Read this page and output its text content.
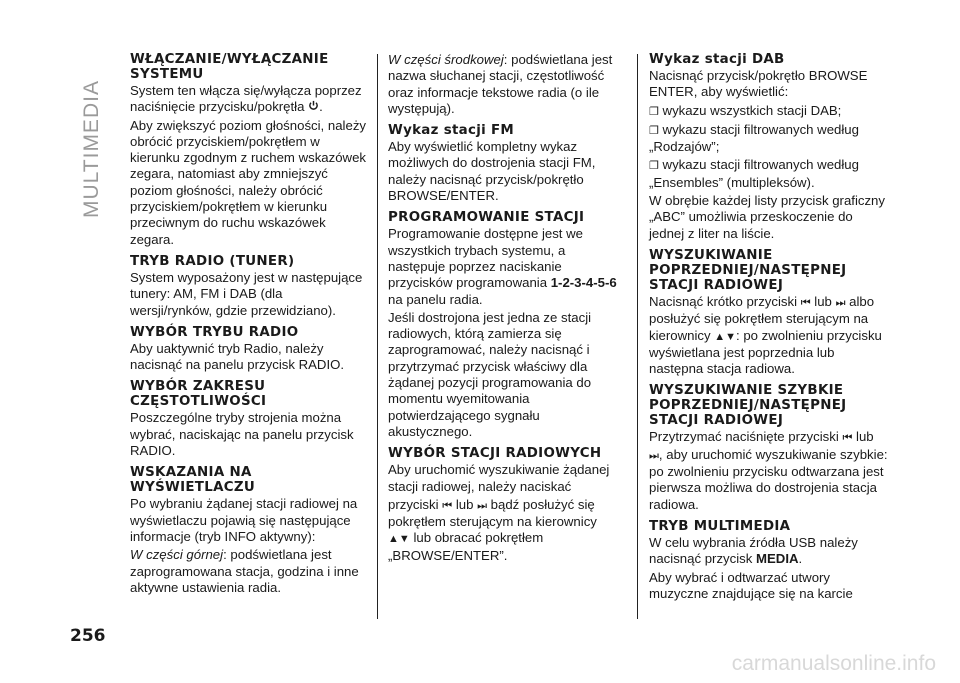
MULTIMEDIA
256
WŁĄCZANIE/WYŁĄCZANIE SYSTEMU

System ten włącza się/wyłącza poprzez naciśnięcie przycisku/pokrętła .

Aby zwiększyć poziom głośności, należy obrócić przyciskiem/pokrętłem w kierunku zgodnym z ruchem wskazówek zegara, natomiast aby zmniejszyć poziom głośności, należy obrócić przyciskiem/pokrętłem w kierunku przeciwnym do ruchu wskazówek zegara.

TRYB RADIO (TUNER)

System wyposażony jest w następujące tunery: AM, FM i DAB (dla wersji/rynków, gdzie przewidziano).

WYBÓR TRYBU RADIO

Aby uaktywnić tryb Radio, należy nacisnąć na panelu przycisk RADIO.

WYBÓR ZAKRESU CZĘSTOTLIWOŚCI

Poszczególne tryby strojenia można wybrać, naciskając na panelu przycisk RADIO.

WSKAZANIA NA WYŚWIETLACZU

Po wybraniu żądanej stacji radiowej na wyświetlaczu pojawią się następujące informacje (tryb INFO aktywny):

W części górnej: podświetlana jest zaprogramowana stacja, godzina i inne aktywne ustawienia radia.

W części środkowej: podświetlana jest nazwa słuchanej stacji, częstotliwość oraz informacje tekstowe radia (o ile występują).

Wykaz stacji FM

Aby wyświetlić kompletny wykaz możliwych do dostrojenia stacji FM, należy nacisnąć przycisk/pokrętło BROWSE/ENTER.

PROGRAMOWANIE STACJI

Programowanie dostępne jest we wszystkich trybach systemu, a następuje poprzez naciskanie przycisków programowania 1-2-3-4-5-6 na panelu radia.

Jeśli dostrojona jest jedna ze stacji radiowych, którą zamierza się zaprogramować, należy nacisnąć i przytrzymać przycisk właściwy dla żądanej pozycji programowania do momentu wyemitowania potwierdzającego sygnału akustycznego.

WYBÓR STACJI RADIOWYCH

Aby uruchomić wyszukiwanie żądanej stacji radiowej, należy naciskać

przyciski ⏮ lub ⏭ bądź posłużyć się pokrętłem sterującym na kierownicy
▲▼ lub obracać pokrętłem „BROWSE/ENTER”.

Wykaz stacji DAB

Nacisnąć przycisk/pokrętło BROWSE ENTER, aby wyświetlić:

❐ wykazu wszystkich stacji DAB;

❐ wykazu stacji filtrowanych według „Rodzajów”;

❐ wykazu stacji filtrowanych według „Ensembles” (multipleksów).

W obrębie każdej listy przycisk graficzny „ABC” umożliwia przeskoczenie do jednej z liter na liście.

WYSZUKIWANIE POPRZEDNIEJ/NASTĘPNEJ STACJI RADIOWEJ

Nacisnąć krótko przyciski ⏮ lub ⏭ albo posłużyć się pokrętłem sterującym na kierownicy ▲▼: po zwolnieniu przycisku wyświetlana jest poprzednia lub następna stacja radiowa.

WYSZUKIWANIE SZYBKIE POPRZEDNIEJ/NASTĘPNEJ STACJI RADIOWEJ

Przytrzymać naciśnięte przyciski ⏮ lub ⏭, aby uruchomić wyszukiwanie szybkie: po zwolnieniu przycisku odtwarzana jest pierwsza możliwa do dostrojenia stacja radiowa.

TRYB MULTIMEDIA

W celu wybrania źródła USB należy nacisnąć przycisk MEDIA.

Aby wybrać i odtwarzać utwory muzyczne znajdujące się na karcie

carmanualsonline.info
